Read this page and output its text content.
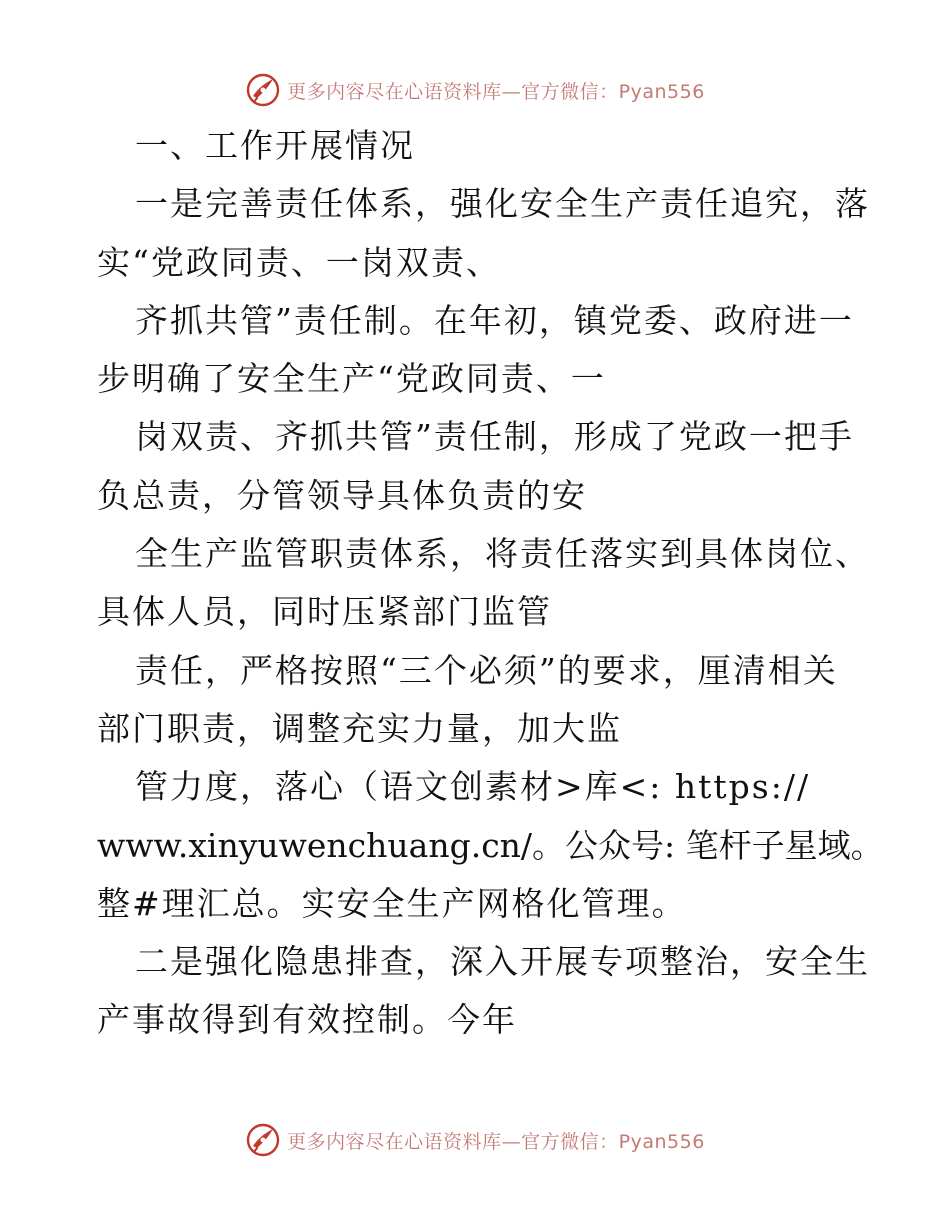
更多内容尽在心语资料库—官方微信：Pyan556
一、工作开展情况
一是完善责任体系，强化安全生产责任追究，落
实“党政同责、一岗双责、
齐抓共管”责任制。在年初，镇党委、政府进一
步明确了安全生产“党政同责、一
岗双责、齐抓共管”责任制，形成了党政一把手
负总责，分管领导具体负责的安
全生产监管职责体系，将责任落实到具体岗位、
具体人员，同时压紧部门监管
责任，严格按照“三个必须”的要求，厘清相关
部门职责，调整充实力量，加大监
管力度，落心（语文创素材>库<: https://
www.xinyuwenchuang.cn/。公众号: 笔杆子星域。
整#理汇总。实安全生产网格化管理。
二是强化隐患排查，深入开展专项整治，安全生
产事故得到有效控制。今年
更多内容尽在心语资料库—官方微信：Pyan556
